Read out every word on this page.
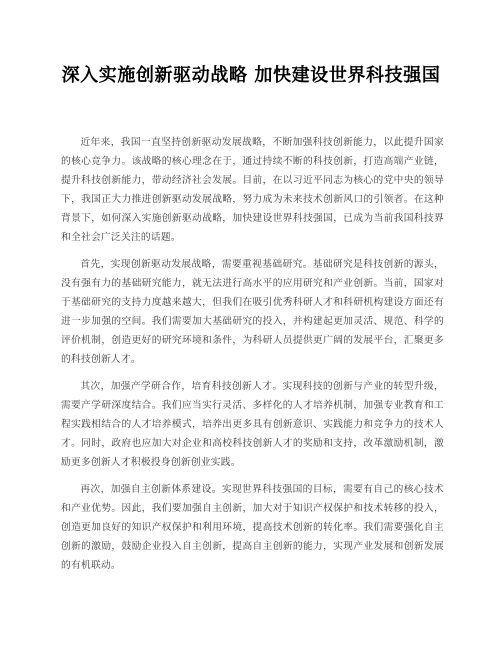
深入实施创新驱动战略 加快建设世界科技强国

近年来，我国一直坚持创新驱动发展战略，不断加强科技创新能力，以此提升国家的核心竞争力。该战略的核心理念在于，通过持续不断的科技创新，打造高端产业链，提升科技创新能力，带动经济社会发展。目前，在以习近平同志为核心的党中央的领导下，我国正大力推进创新驱动发展战略，努力成为未来技术创新风口的引领者。在这种背景下，如何深入实施创新驱动战略，加快建设世界科技强国，已成为当前我国科技界和全社会广泛关注的话题。

首先，实现创新驱动发展战略，需要重视基础研究。基础研究是科技创新的源头，没有强有力的基础研究能力，就无法进行高水平的应用研究和产业创新。当前，国家对于基础研究的支持力度越来越大，但我们在吸引优秀科研人才和科研机构建设方面还有进一步加强的空间。我们需要加大基础研究的投入，并构建起更加灵活、规范、科学的评价机制，创造更好的研究环境和条件，为科研人员提供更广阔的发展平台，汇聚更多的科技创新人才。

其次，加强产学研合作，培育科技创新人才。实现科技的创新与产业的转型升级，需要产学研深度结合。我们应当实行灵活、多样化的人才培养机制，加强专业教育和工程实践相结合的人才培养模式，培养出更多具有创新意识、实践能力和竞争力的技术人才。同时，政府也应加大对企业和高校科技创新人才的奖励和支持，改革激励机制，激励更多创新人才积极投身创新创业实践。

再次，加强自主创新体系建设。实现世界科技强国的目标，需要有自己的核心技术和产业优势。因此，我们要加强自主创新，加大对于知识产权保护和技术转移的投入，创造更加良好的知识产权保护和利用环境，提高技术创新的转化率。我们需要强化自主创新的激励，鼓励企业投入自主创新，提高自主创新的能力，实现产业发展和创新发展的有机联动。
